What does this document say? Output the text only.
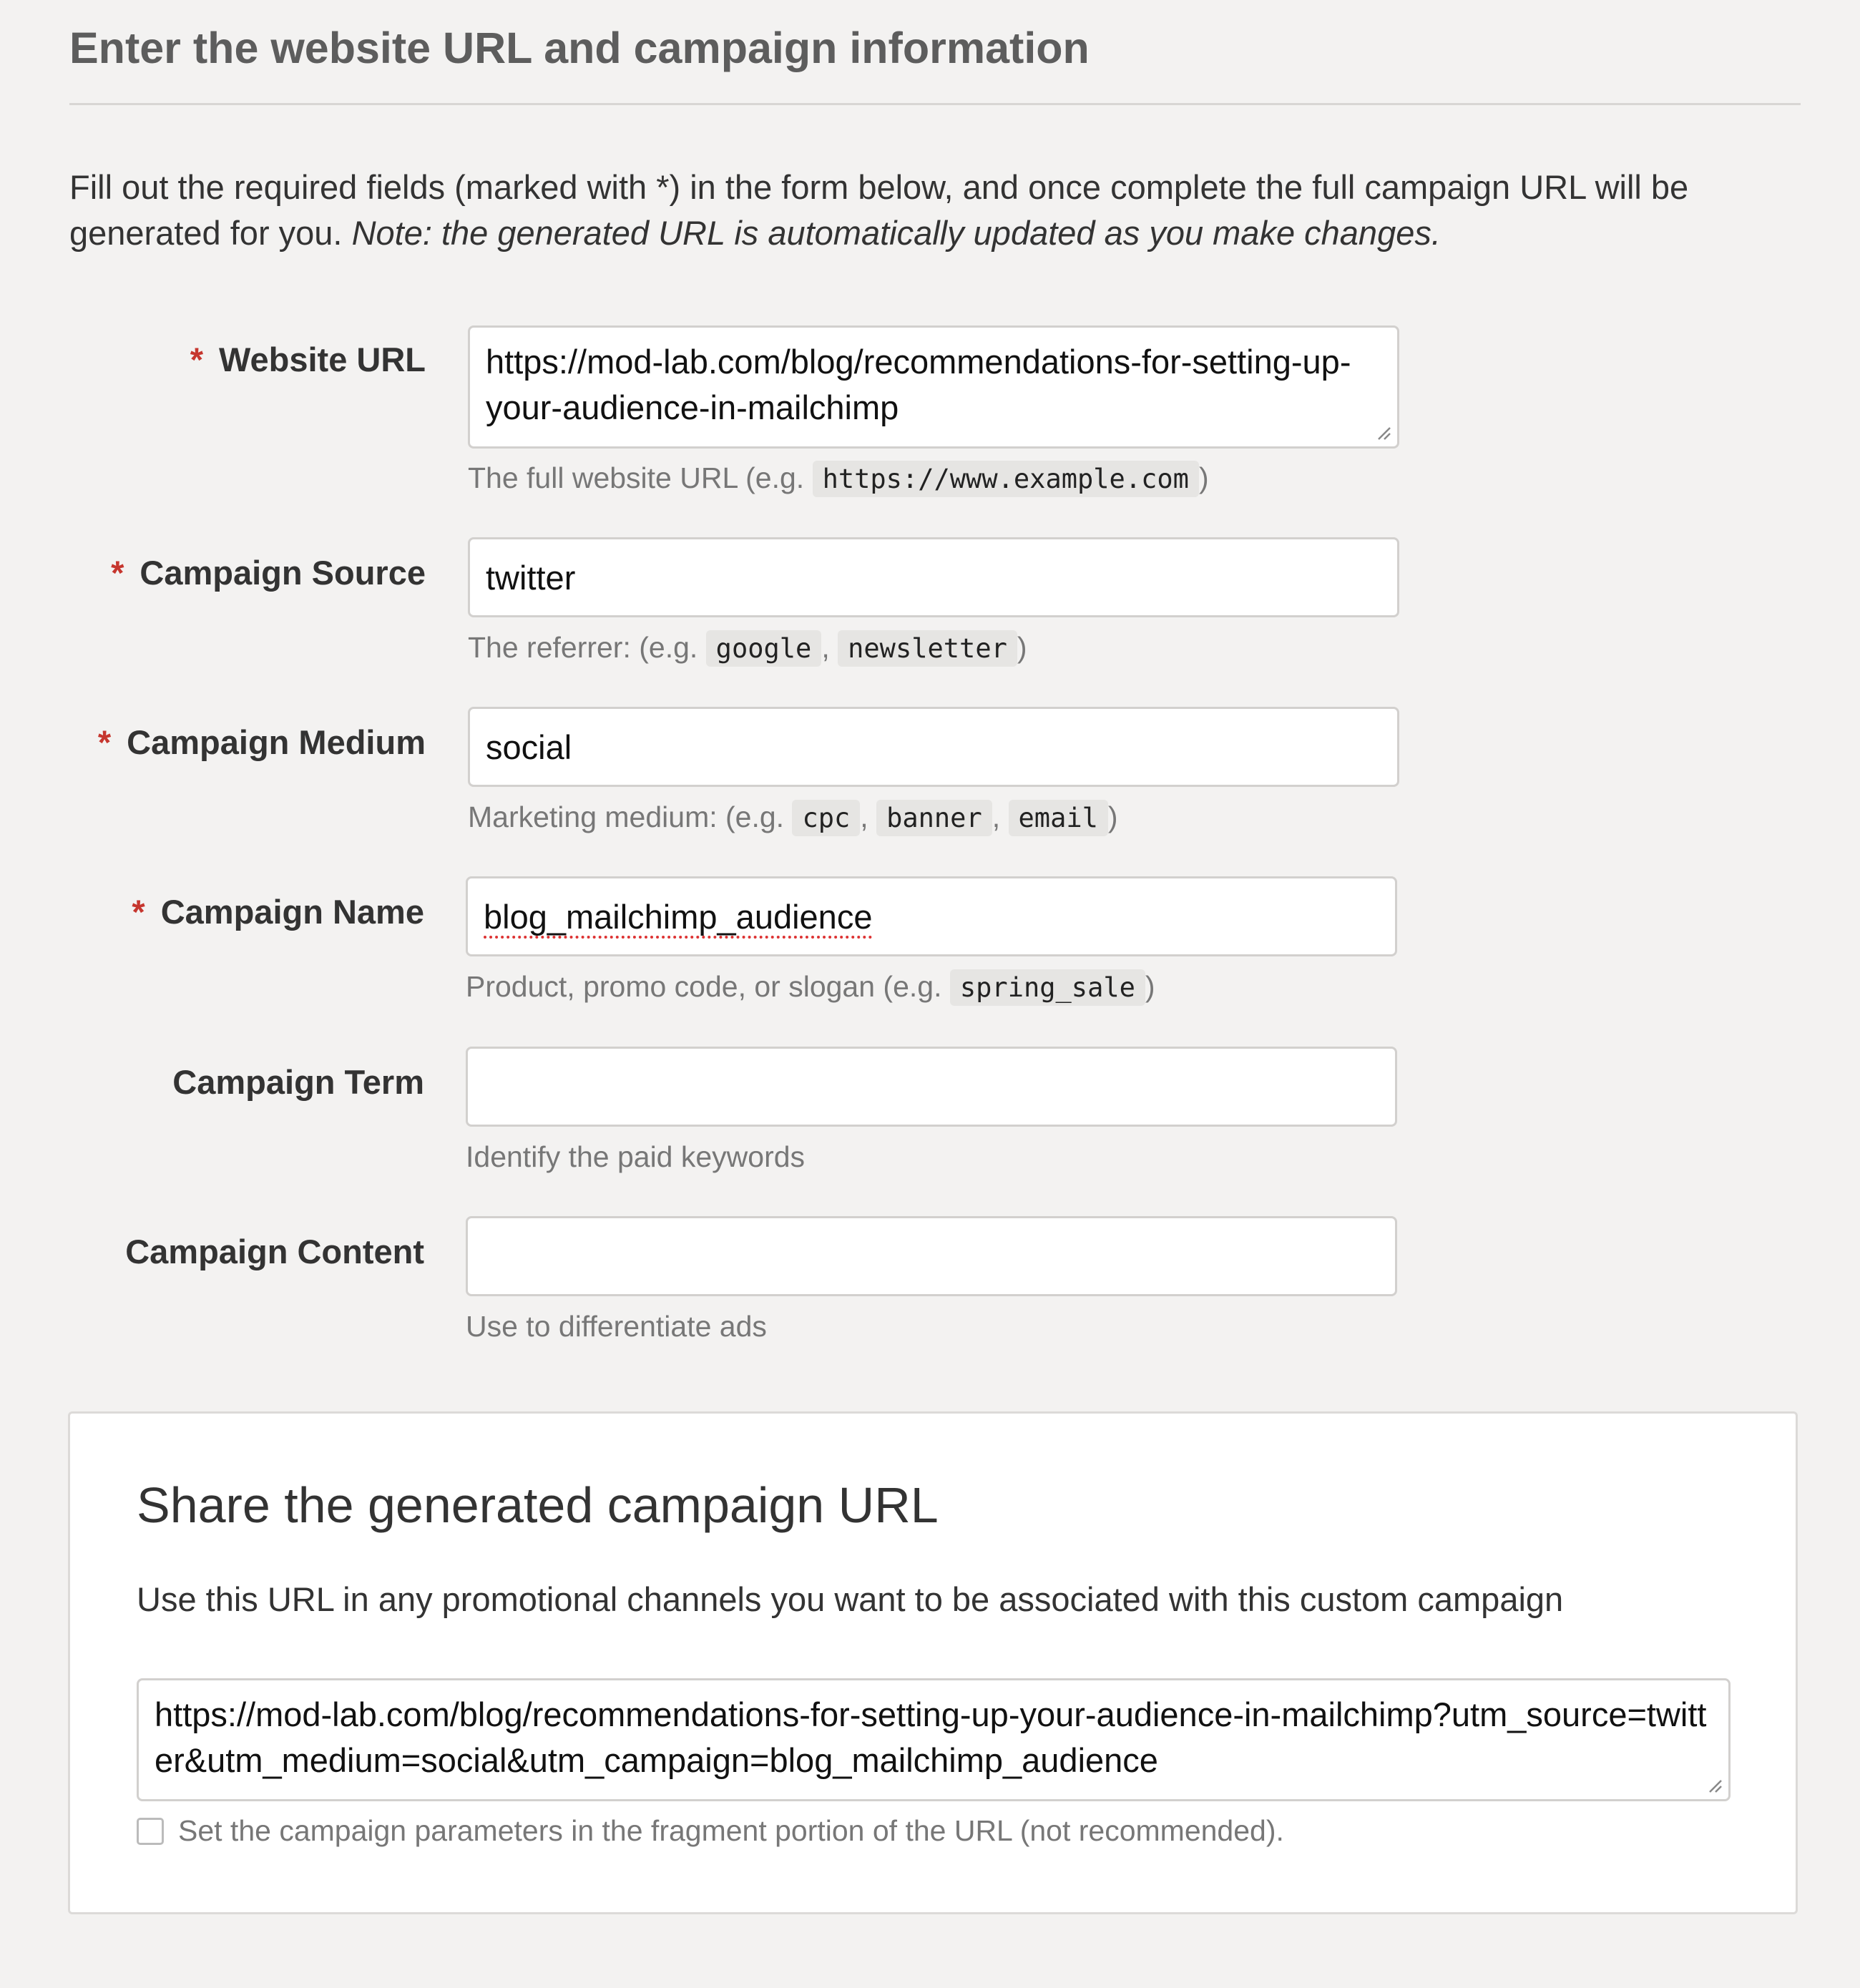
Enter the website URL and campaign information
Fill out the required fields (marked with *) in the form below, and once complete the full campaign URL will be generated for you. Note: the generated URL is automatically updated as you make changes.
* Website URL	https://mod-lab.com/blog/recommendations-for-setting-up-your-audience-in-mailchimp
The full website URL (e.g. https://www.example.com )
* Campaign Source	twitter
The referrer: (e.g. google , newsletter )
* Campaign Medium	social
Marketing medium: (e.g. cpc , banner , email )
* Campaign Name	blog_mailchimp_audience
Product, promo code, or slogan (e.g. spring_sale )
Campaign Term
Identify the paid keywords
Campaign Content
Use to differentiate ads
Share the generated campaign URL
Use this URL in any promotional channels you want to be associated with this custom campaign
https://mod-lab.com/blog/recommendations-for-setting-up-your-audience-in-mailchimp?utm_source=twitter&utm_medium=social&utm_campaign=blog_mailchimp_audience
Set the campaign parameters in the fragment portion of the URL (not recommended).
